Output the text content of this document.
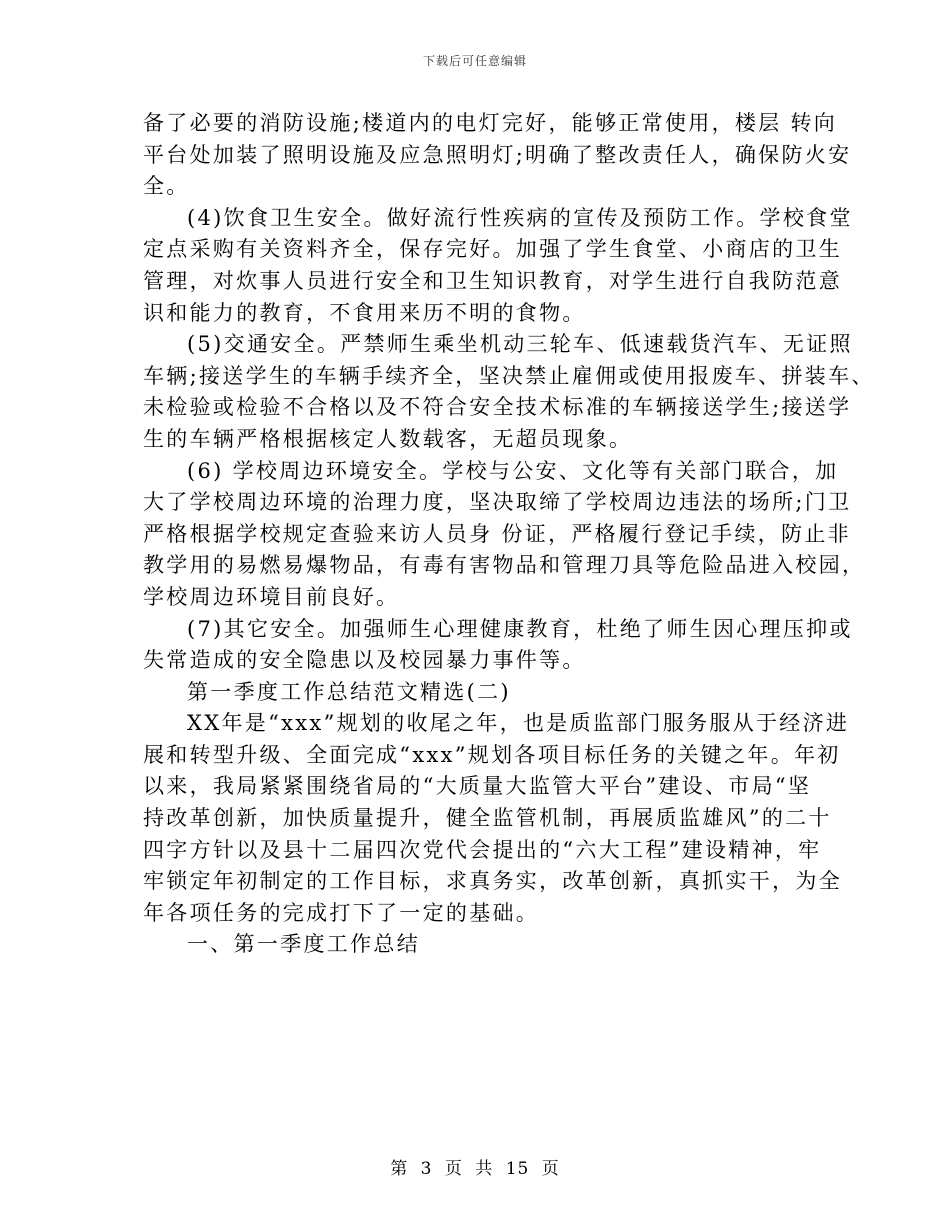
下载后可任意编辑
备了必要的消防设施;楼道内的电灯完好，能够正常使用，楼层 转向
平台处加装了照明设施及应急照明灯;明确了整改责任人，确保防火安
全。
(4)饮食卫生安全。做好流行性疾病的宣传及预防工作。学校食堂
定点采购有关资料齐全，保存完好。加强了学生食堂、小商店的卫生
管理，对炊事人员进行安全和卫生知识教育，对学生进行自我防范意
识和能力的教育，不食用来历不明的食物。
(5)交通安全。严禁师生乘坐机动三轮车、低速载货汽车、无证照
车辆;接送学生的车辆手续齐全，坚决禁止雇佣或使用报废车、拼装车、
未检验或检验不合格以及不符合安全技术标准的车辆接送学生;接送学
生的车辆严格根据核定人数载客，无超员现象。
(6) 学校周边环境安全。学校与公安、文化等有关部门联合，加
大了学校周边环境的治理力度，坚决取缔了学校周边违法的场所;门卫
严格根据学校规定查验来访人员身 份证，严格履行登记手续，防止非
教学用的易燃易爆物品，有毒有害物品和管理刀具等危险品进入校园，
学校周边环境目前良好。
(7)其它安全。加强师生心理健康教育，杜绝了师生因心理压抑或
失常造成的安全隐患以及校园暴力事件等。
第一季度工作总结范文精选(二)
XX年是“xxx”规划的收尾之年，也是质监部门服务服从于经济进
展和转型升级、全面完成“xxx”规划各项目标任务的关键之年。年初
以来，我局紧紧围绕省局的“大质量大监管大平台”建设、市局“坚
持改革创新，加快质量提升，健全监管机制，再展质监雄风”的二十
四字方针以及县十二届四次党代会提出的“六大工程”建设精神，牢
牢锁定年初制定的工作目标，求真务实，改革创新，真抓实干，为全
年各项任务的完成打下了一定的基础。
一、第一季度工作总结
第 3 页 共 15 页
